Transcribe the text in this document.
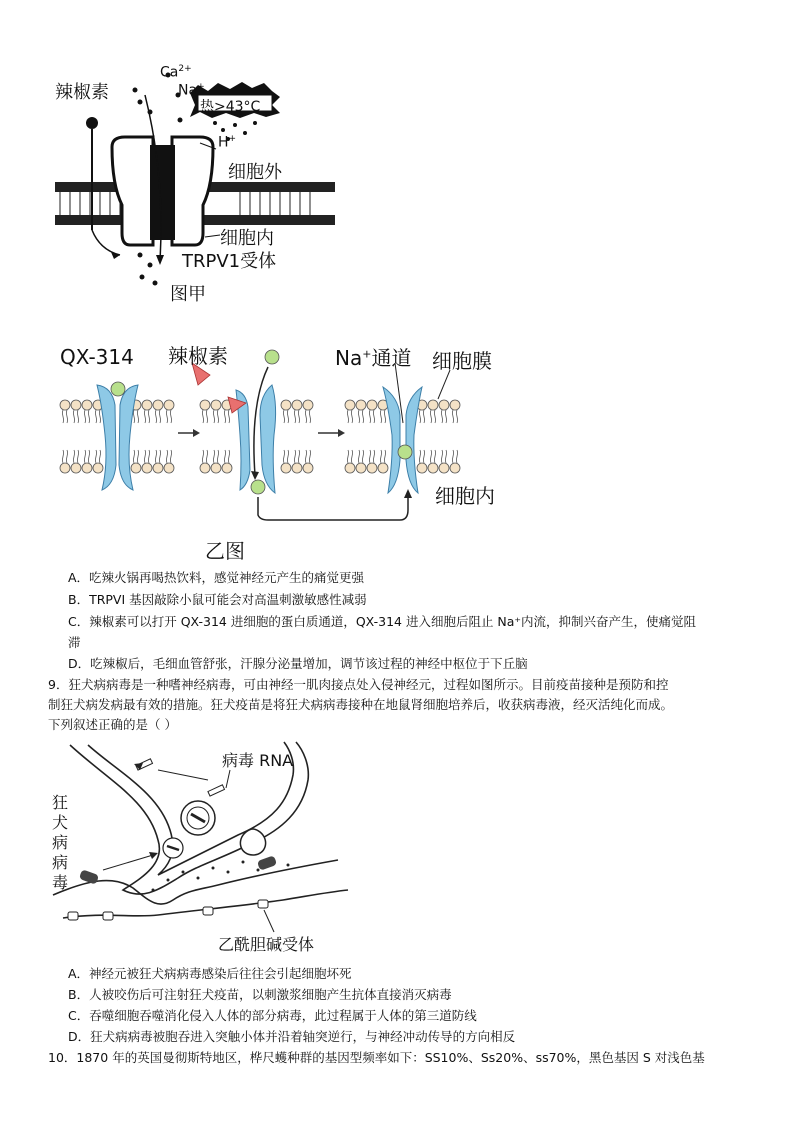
辣椒素
$Ca^{2+}$
Na+
热>43°C
H+
细胞外
细胞内
TRPV1受体
图甲
QX-314 辣椒素	Na+通道 细胞膜
细胞内
乙图
A．吃辣火锅再喝热饮料，感觉神经元产生的痛觉更强
B．TRPVI 基因敲除小鼠可能会对高温刺激敏感性减弱
C．辣椒素可以打开 QX-314 进细胞的蛋白质通道，QX-314 进入细胞后阻止 Na⁺内流，抑制兴奋产生，使痛觉阻
滞
D．吃辣椒后，毛细血管舒张，汗腺分泌量增加，调节该过程的神经中枢位于下丘脑
9．狂犬病病毒是一种嗜神经病毒，可由神经一肌肉接点处入侵神经元，过程如图所示。目前疫苗接种是预防和控
制狂犬病发病最有效的措施。狂犬疫苗是将狂犬病病毒接种在地鼠肾细胞培养后，收获病毒液，经灭活纯化而成。
下列叙述正确的是（ ）
病毒 RNA
狂
犬
病
病
毒
乙酰胆碱受体
A．神经元被狂犬病病毒感染后往往会引起细胞坏死
B．人被咬伤后可注射狂犬疫苗，以刺激浆细胞产生抗体直接消灭病毒
C．吞噬细胞吞噬消化侵入人体的部分病毒，此过程属于人体的第三道防线
D．狂犬病病毒被胞吞进入突触小体并沿着轴突逆行，与神经冲动传导的方向相反
10．1870 年的英国曼彻斯特地区，桦尺蠖种群的基因型频率如下：SS10%、Ss20%、ss70%，黑色基因 S 对浅色基
